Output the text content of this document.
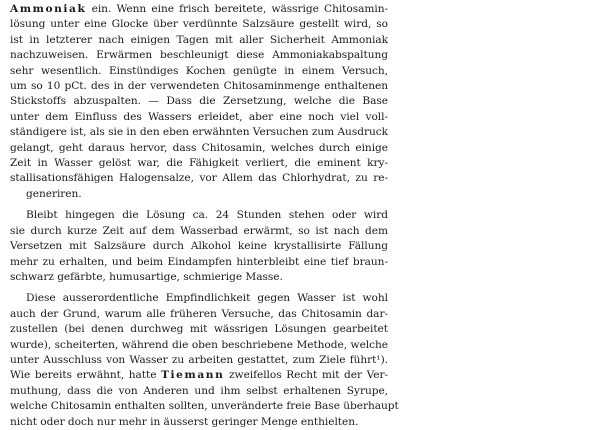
Ammoniak ein. Wenn eine frisch bereitete, wässrige Chitosamin-
lösung unter eine Glocke über verdünnte Salzsäure gestellt wird, so
ist in letzterer nach einigen Tagen mit aller Sicherheit Ammoniak
nachzuweisen. Erwärmen beschleunigt diese Ammoniakabspaltung
sehr wesentlich. Einstündiges Kochen genügte in einem Versuch,
um so 10 pCt. des in der verwendeten Chitosaminmenge enthaltenen
Stickstoffs abzuspalten. — Dass die Zersetzung, welche die Base
unter dem Einfluss des Wassers erleidet, aber eine noch viel voll-
ständigere ist, als sie in den eben erwähnten Versuchen zum Ausdruck
gelangt, geht daraus hervor, dass Chitosamin, welches durch einige
Zeit in Wasser gelöst war, die Fähigkeit verliert, die eminent kry-
stallisationsfähigen Halogensalze, vor Allem das Chlorhydrat, zu re-
generiren.

Bleibt hingegen die Lösung ca. 24 Stunden stehen oder wird
sie durch kurze Zeit auf dem Wasserbad erwärmt, so ist nach dem
Versetzen mit Salzsäure durch Alkohol keine krystallisirte Fällung
mehr zu erhalten, und beim Eindampfen hinterbleibt eine tief braun-
schwarz gefärbte, humusartige, schmierige Masse.

Diese ausserordentliche Empfindlichkeit gegen Wasser ist wohl
auch der Grund, warum alle früheren Versuche, das Chitosamin dar-
zustellen (bei denen durchweg mit wässrigen Lösungen gearbeitet
wurde), scheiterten, während die oben beschriebene Methode, welche
unter Ausschluss von Wasser zu arbeiten gestattet, zum Ziele führt¹).
Wie bereits erwähnt, hatte Tiemann zweifellos Recht mit der Ver-
muthung, dass die von Anderen und ihm selbst erhaltenen Syrupe,
welche Chitosamin enthalten sollten, unveränderte freie Base überhaupt
nicht oder doch nur mehr in äusserst geringer Menge enthielten.
